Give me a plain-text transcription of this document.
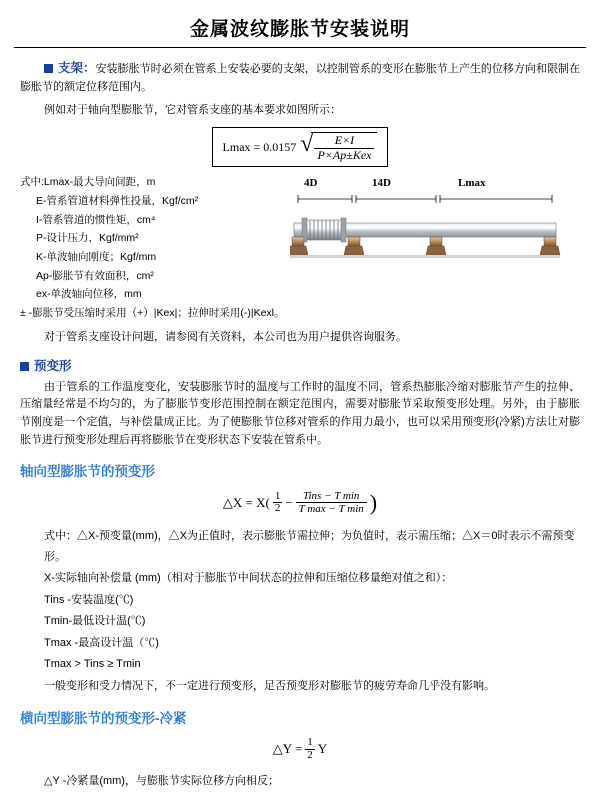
金属波纹膨胀节安装说明

支架：安装膨胀节时必须在管系上安装必要的支架，以控制管系的变形在膨胀节上产生的位移方向和限制在膨胀节的额定位移范围内。

例如对于轴向型膨胀节，它对管系支座的基本要求如图所示：

Lmax = 0.0157 √ $\frac{E\times I}{\text{P×Ap±Kex}}$
式中:Lmax-最大导向间距，m
E-管系管道材料弹性投量，Kgf/cm²
I-管系管道的惯性矩，cm⁴
P-设计压力，Kgf/mm²
K-单波轴向刚度；Kgf/mm
Ap-膨胀节有效面积，cm²
ex-单波轴向位移，mm
± -膨胀节受压缩时采用（+）|Kex|；拉伸时采用(-)|Kexl。
4D	14D	Lmax

对于管系支座设计问题，请参阅有关资料，本公司也为用户提供咨询服务。

预变形

由于管系的工作温度变化，安装膨胀节时的温度与工作时的温度不同，管系热膨胀冷缩对膨胀节产生的拉伸、压缩量经常是不均匀的，为了膨胀节变形范围控制在额定范围内，需要对膨胀节采取预变形处理。另外，由于膨胀节刚度是一个定值，与补偿量成正比。为了使膨胀节位移对管系的作用力最小，也可以采用预变形(冷紧)方法让对膨胀节进行预变形处理后再将膨胀节在变形状态下安装在管系中。

轴向型膨胀节的预变形
△X = $X( \frac{1}{2} - \frac{\text{Tins − T min}}{\text{T max − T min}}$ )
式中：△X-预变量(mm)，△X为正值时，表示膨胀节需拉伸；为负值时，表示需压缩；△X＝0时表示不需预变形。
X-实际轴向补偿量 (mm)（相对于膨胀节中间状态的拉伸和压缩位移量绝对值之和）：
Tins -安装温度(℃)
Tmin-最低设计温(℃)
Tmax -最高设计温（℃)
Tmax > Tins ≥ Tmin
一般变形和受力情况下，不一定进行预变形，足否预变形对膨胀节的疲劳寿命几乎没有影响。
横向型膨胀节的预变形-冷紧
△Y = $\frac{1}{2}$ Y
△Y -冷紧量(mm)，与膨胀节实际位移方向相反；
